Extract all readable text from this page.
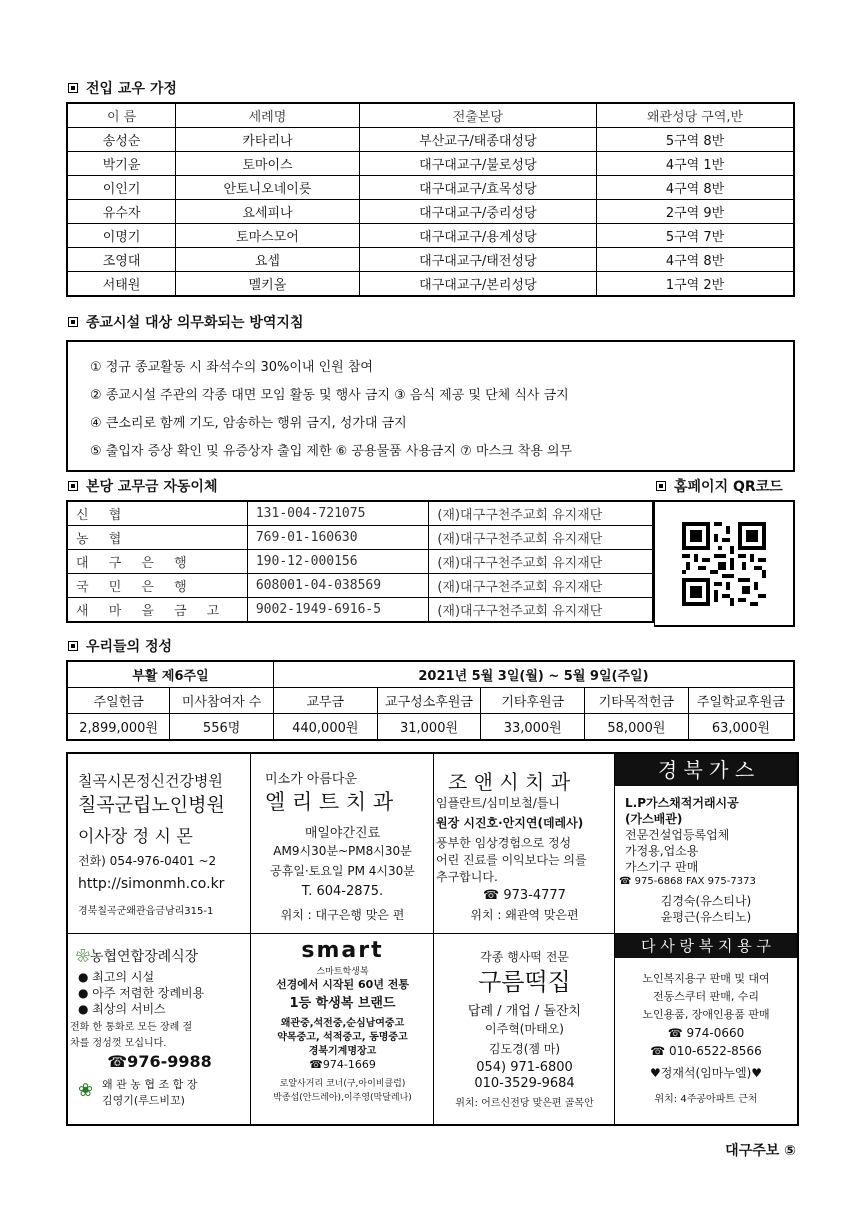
전입 교우 가정
이 름	세례명	전출본당	왜관성당 구역,반
송성순	카타리나	부산교구/태종대성당	5구역 8반
박기윤	토마이스	대구대교구/불로성당	4구역 1반
이인기	안토니오네이릇	대구대교구/효목성당	4구역 8반
유수자	요세피나	대구대교구/중리성당	2구역 9반
이명기	토마스모어	대구대교구/용계성당	5구역 7반
조영대	요셉	대구대교구/태전성당	4구역 8반
서태원	멜키올	대구대교구/본리성당	1구역 2반
종교시설 대상 의무화되는 방역지침
① 정규 종교활동 시 좌석수의 30%이내 인원 참여
② 종교시설 주관의 각종 대면 모임 활동 및 행사 금지 ③ 음식 제공 및 단체 식사 금지
④ 큰소리로 함께 기도, 암송하는 행위 금지, 성가대 금지
⑤ 출입자 증상 확인 및 유증상자 출입 제한 ⑥ 공용물품 사용금지 ⑦ 마스크 착용 의무
본당 교무금 자동이체	홈페이지 QR코드
신 협	131-004-721075	(재)대구구천주교회 유지재단
농 협	769-01-160630	(재)대구구천주교회 유지재단
대 구 은 행	190-12-000156	(재)대구구천주교회 유지재단
국 민 은 행	608001-04-038569	(재)대구구천주교회 유지재단
새 마 을 금 고	9002-1949-6916-5	(재)대구구천주교회 유지재단
우리들의 정성
부활 제6주일		2021년 5월 3일(월) ~ 5월 9일(주일)				
주일헌금	미사참여자 수	교무금	교구성소후원금	기타후원금	기타목적헌금	주일학교후원금
2,899,000원	556명	440,000원	31,000원	33,000원	58,000원	63,000원
칠곡시몬정신건강병원
칠곡군립노인병원
이사장 정 시 몬
전화) 054-976-0401 ~2
http://simonmh.co.kr
경북칠곡군왜관읍금남리315-1
미소가 아름다운
엘 리 트 치 과
매일야간진료
AM9시30분~PM8시30분
공휴일·토요일 PM 4시30분
T. 604-2875.
위치 : 대구은행 맞은 편
조 앤 시 치 과
임플란트/심미보철/틀니
원장 시진호·안지연(데레사)
풍부한 임상경험으로 정성
어린 진료를 이익보다는 의를
추구합니다.
☎ 973-4777
위치 : 왜관역 맞은편
경 북 가 스
L.P가스채적거래시공
(가스배관)
전문건설업등록업체
가정용,업소용
가스기구 판매
☎ 975-6868 FAX 975-7373
김경숙(유스티나)
윤평근(유스티노)
❀농협연합장례식장
● 최고의 시설
● 아주 저렴한 장례비용
● 최상의 서비스
전화 한 통화로 모든 장례 절
차를 정성껏 모십니다.
☎976-9988
❀ 왜 관 농 협 조 합 장
김영기(루드비꼬)
smart
스마트학생복
선경에서 시작된 60년 전통
1등 학생복 브랜드
왜관중,석전중,순심남여중고
약목중고, 석적중고, 동명중고
경북기계명장고
☎974-1669
로얄사거리 코너(구,아이비클럽)
박종섭(안드레아),이주영(막달레나)
각종 행사떡 전문
구름떡집
답례 / 개업 / 돌잔치
이주혁(마태오)
김도경(젬 마)
054) 971-6800
010-3529-9684
위치: 어르신전당 맞은편 골목안
다 사 랑 복 지 용 구
노인복지용구 판매 및 대여
전동스쿠터 판매, 수리
노인용품, 장애인용품 판매
☎ 974-0660
☎ 010-6522-8566
♥정재석(임마누엘)♥
위치: 4주공아파트 근처
대구주보 ⑤
